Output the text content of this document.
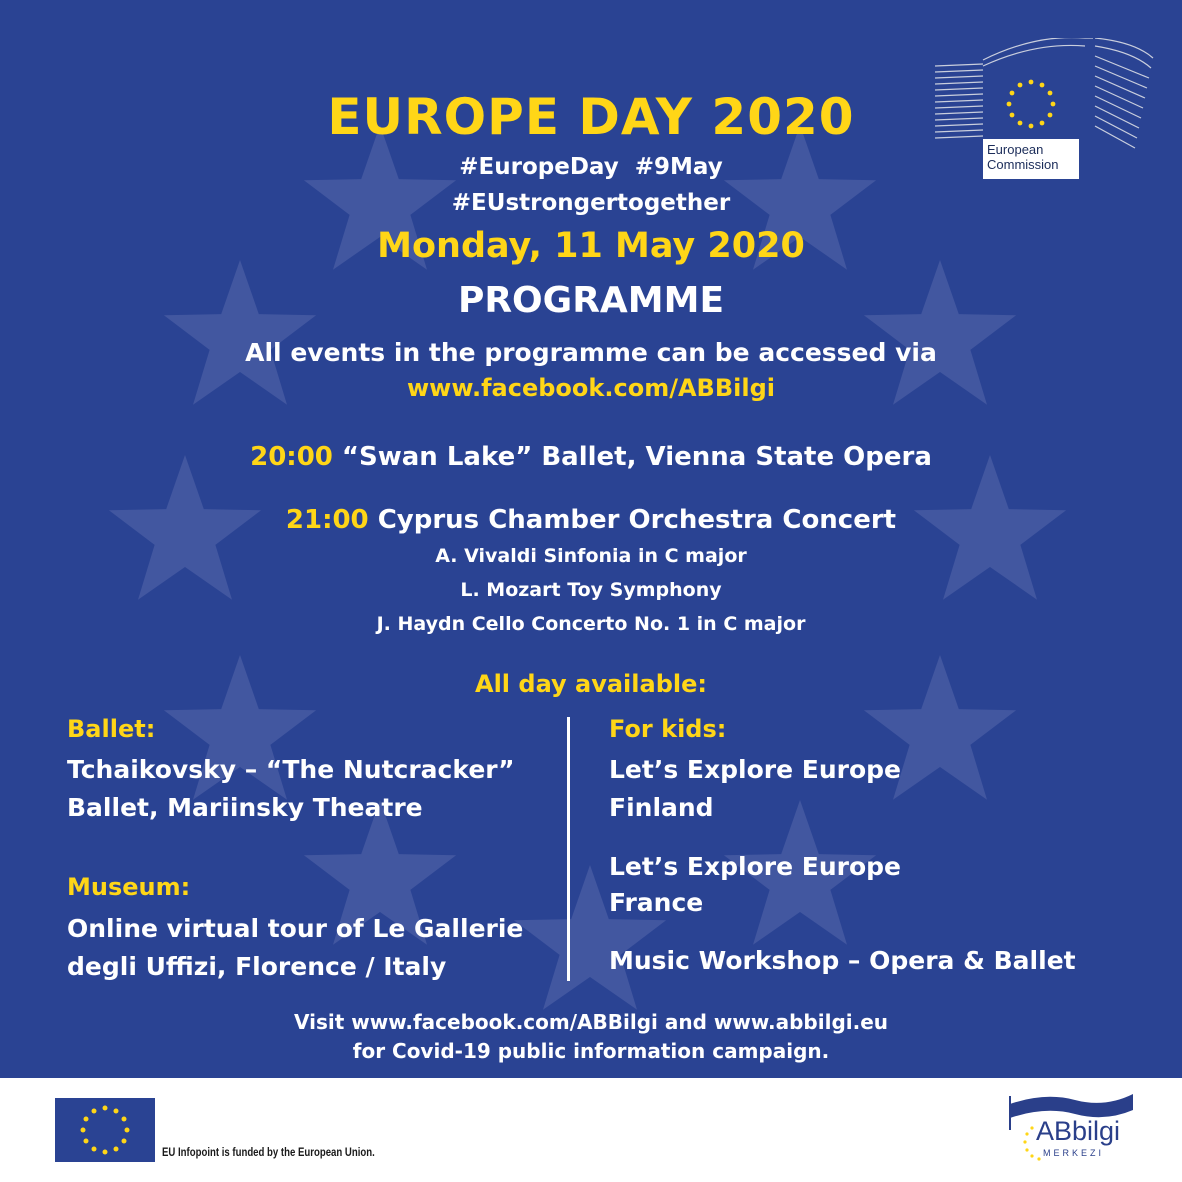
European
Commission
EUROPE DAY 2020
#EuropeDay  #9May
#EUstrongertogether
Monday, 11 May 2020
PROGRAMME
All events in the programme can be accessed via
www.facebook.com/ABBilgi
20:00 “Swan Lake” Ballet, Vienna State Opera
21:00 Cyprus Chamber Orchestra Concert
A. Vivaldi Sinfonia in C major
L. Mozart Toy Symphony
J. Haydn Cello Concerto No. 1 in C major
All day available:
Ballet:
Tchaikovsky – “The Nutcracker”
Ballet, Mariinsky Theatre
Museum:
Online virtual tour of Le Gallerie
degli Uffizi, Florence / Italy
For kids:
Let’s Explore Europe
Finland
Let’s Explore Europe
France
Music Workshop – Opera & Ballet
Visit www.facebook.com/ABBilgi and www.abbilgi.eu
for Covid-19 public information campaign.
EU Infopoint is funded by the European Union.
ABbilgi
MERKEZI
